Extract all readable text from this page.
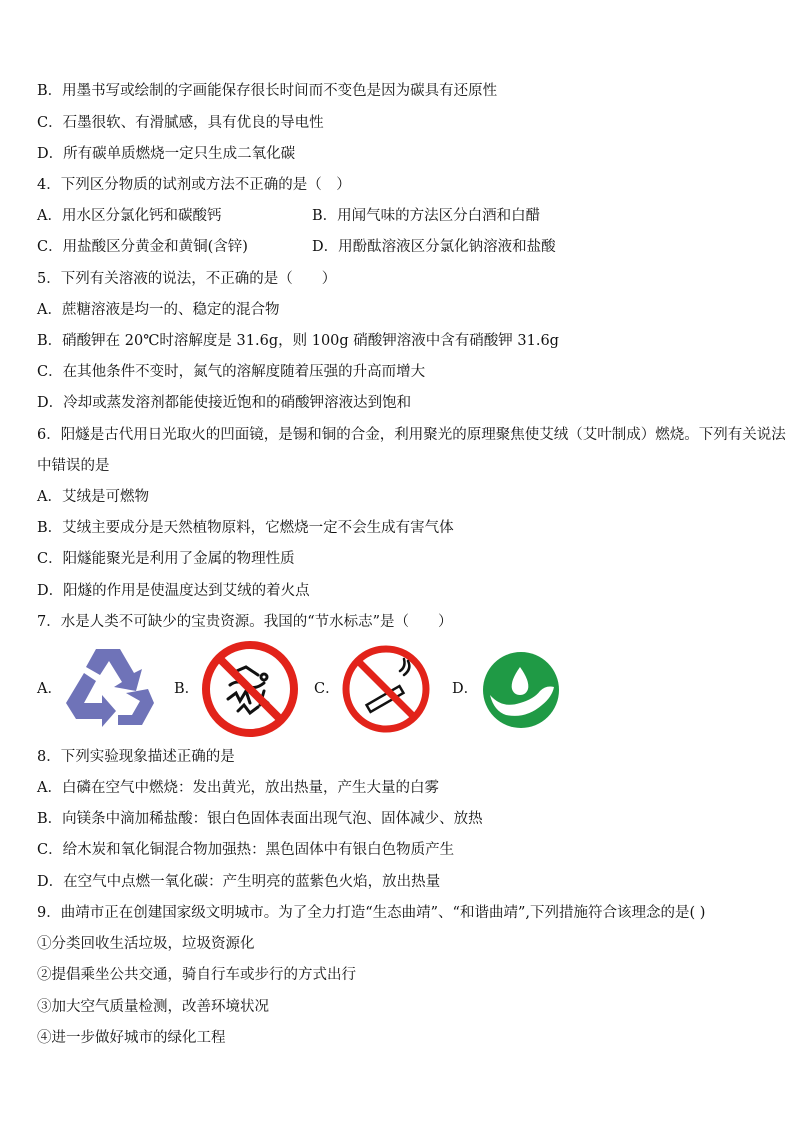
B．用墨书写或绘制的字画能保存很长时间而不变色是因为碳具有还原性
C．石墨很软、有滑腻感，具有优良的导电性
D．所有碳单质燃烧一定只生成二氧化碳
4．下列区分物质的试剂或方法不正确的是（　）
A．用水区分氯化钙和碳酸钙	B．用闻气味的方法区分白酒和白醋
C．用盐酸区分黄金和黄铜(含锌)	D．用酚酞溶液区分氯化钠溶液和盐酸
5．下列有关溶液的说法，不正确的是（　　）
A．蔗糖溶液是均一的、稳定的混合物
B．硝酸钾在 20℃时溶解度是 31.6g，则 100g 硝酸钾溶液中含有硝酸钾 31.6g
C．在其他条件不变时，氮气的溶解度随着压强的升高而增大
D．冷却或蒸发溶剂都能使接近饱和的硝酸钾溶液达到饱和
6．阳燧是古代用日光取火的凹面镜，是锡和铜的合金，利用聚光的原理聚焦使艾绒（艾叶制成）燃烧。下列有关说法
中错误的是
A．艾绒是可燃物
B．艾绒主要成分是天然植物原料，它燃烧一定不会生成有害气体
C．阳燧能聚光是利用了金属的物理性质
D．阳燧的作用是使温度达到艾绒的着火点
7．水是人类不可缺少的宝贵资源。我国的“节水标志”是（　　）
A．	B．	C．	D．
8．下列实验现象描述正确的是
A．白磷在空气中燃烧：发出黄光，放出热量，产生大量的白雾
B．向镁条中滴加稀盐酸：银白色固体表面出现气泡、固体减少、放热
C．给木炭和氧化铜混合物加强热：黑色固体中有银白色物质产生
D．在空气中点燃一氧化碳：产生明亮的蓝紫色火焰，放出热量
9．曲靖市正在创建国家级文明城市。为了全力打造“生态曲靖”、“和谐曲靖”,下列措施符合该理念的是( )
①分类回收生活垃圾，垃圾资源化
②提倡乘坐公共交通，骑自行车或步行的方式出行
③加大空气质量检测，改善环境状况
④进一步做好城市的绿化工程
